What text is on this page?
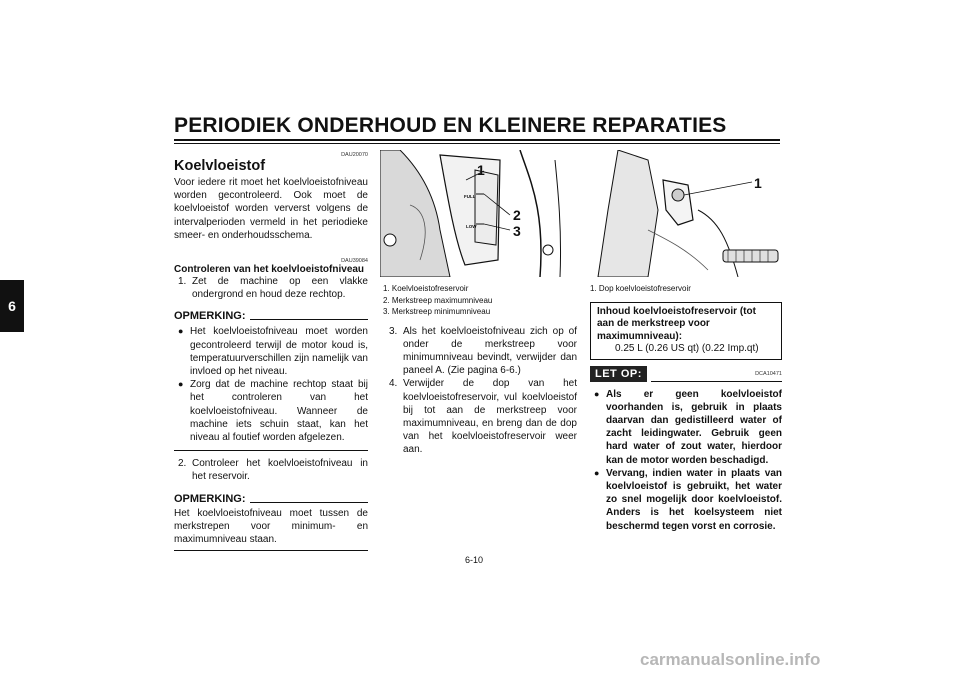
PERIODIEK ONDERHOUD EN KLEINERE REPARATIES
6
DAU20070
Koelvloeistof
Voor iedere rit moet het koelvloeistofniveau worden gecontroleerd. Ook moet de koelvloeistof worden ververst volgens de intervalperioden vermeld in het periodieke smeer- en onderhoudsschema.
DAU39084
Controleren van het koelvloeistofniveau
1. Zet de machine op een vlakke ondergrond en houd deze rechtop.
OPMERKING:
● Het koelvloeistofniveau moet worden gecontroleerd terwijl de motor koud is, temperatuurverschillen zijn namelijk van invloed op het niveau.
● Zorg dat de machine rechtop staat bij het controleren van het koelvloeistofniveau. Wanneer de machine iets schuin staat, kan het niveau al foutief worden afgelezen.
2. Controleer het koelvloeistofniveau in het reservoir.
OPMERKING:
Het koelvloeistofniveau moet tussen de merkstrepen voor minimum- en maximumniveau staan.
FULL
LOW
1
2
3
1. Koelvloeistofreservoir
2. Merkstreep maximumniveau
3. Merkstreep minimumniveau
3. Als het koelvloeistofniveau zich op of onder de merkstreep voor minimumniveau bevindt, verwijder dan paneel A. (Zie pagina 6-6.)
4. Verwijder de dop van het koelvloeistofreservoir, vul koelvloeistof bij tot aan de merkstreep voor maximumniveau, en breng dan de dop van het koelvloeistofreservoir weer aan.
1
1. Dop koelvloeistofreservoir
Inhoud koelvloeistofreservoir (tot aan de merkstreep voor maximumniveau):
0.25 L (0.26 US qt) (0.22 Imp.qt)
LET OP:	DCA10471
● Als er geen koelvloeistof voorhanden is, gebruik in plaats daarvan dan gedistilleerd water of zacht leidingwater. Gebruik geen hard water of zout water, hierdoor kan de motor worden beschadigd.
● Vervang, indien water in plaats van koelvloeistof is gebruikt, het water zo snel mogelijk door koelvloeistof. Anders is het koelsysteem niet beschermd tegen vorst en corrosie.
6-10
carmanualsonline.info
